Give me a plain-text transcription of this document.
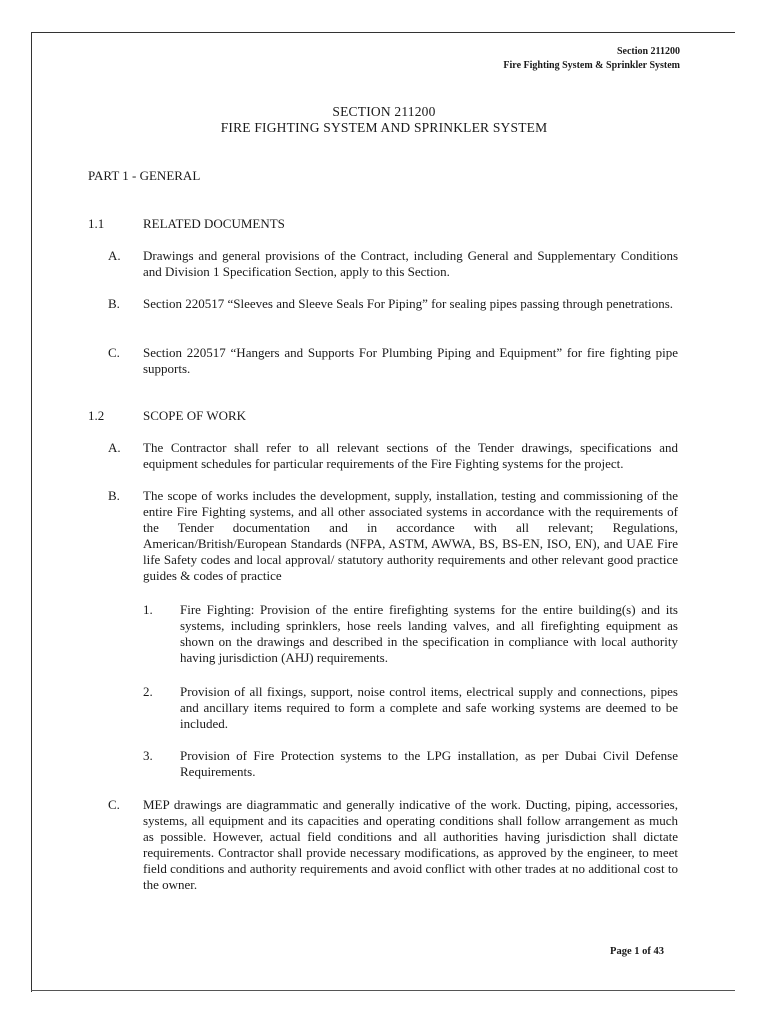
Section 211200
Fire Fighting System & Sprinkler System
SECTION 211200
FIRE FIGHTING SYSTEM AND SPRINKLER SYSTEM
PART 1 - GENERAL
1.1	RELATED DOCUMENTS
A. Drawings and general provisions of the Contract, including General and Supplementary Conditions and Division 1 Specification Section, apply to this Section.
B. Section 220517 “Sleeves and Sleeve Seals For Piping” for sealing pipes passing through penetrations.
C. Section 220517 “Hangers and Supports For Plumbing Piping and Equipment” for fire fighting pipe supports.
1.2	SCOPE OF WORK
A. The Contractor shall refer to all relevant sections of the Tender drawings, specifications and equipment schedules for particular requirements of the Fire Fighting systems for the project.
B. The scope of works includes the development, supply, installation, testing and commissioning of the entire Fire Fighting systems, and all other associated systems in accordance with the requirements of the Tender documentation and in accordance with all relevant; Regulations, American/British/European Standards (NFPA, ASTM, AWWA, BS, BS-EN, ISO, EN), and UAE Fire life Safety codes and local approval/ statutory authority requirements and other relevant good practice guides & codes of practice
1. Fire Fighting: Provision of the entire firefighting systems for the entire building(s) and its systems, including sprinklers, hose reels landing valves, and all firefighting equipment as shown on the drawings and described in the specification in compliance with local authority having jurisdiction (AHJ) requirements.
2. Provision of all fixings, support, noise control items, electrical supply and connections, pipes and ancillary items required to form a complete and safe working systems are deemed to be included.
3. Provision of Fire Protection systems to the LPG installation, as per Dubai Civil Defense Requirements.
C. MEP drawings are diagrammatic and generally indicative of the work. Ducting, piping, accessories, systems, all equipment and its capacities and operating conditions shall follow arrangement as much as possible. However, actual field conditions and all authorities having jurisdiction shall dictate requirements. Contractor shall provide necessary modifications, as approved by the engineer, to meet field conditions and authority requirements and avoid conflict with other trades at no additional cost to the owner.
Page 1 of 43
